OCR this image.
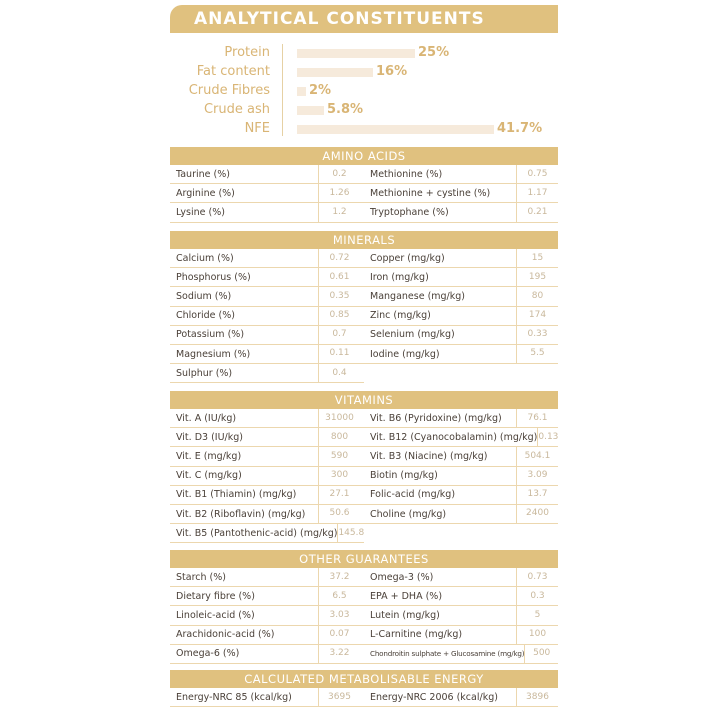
ANALYTICAL CONSTITUENTS
Protein	25%
Fat content	16%
Crude Fibres	2%
Crude ash	5.8%
NFE	41.7%
AMINO ACIDS
Taurine (%)	0.2	Methionine (%)	0.75
Arginine (%)	1.26	Methionine + cystine (%)	1.17
Lysine (%)	1.2	Tryptophane (%)	0.21
MINERALS
Calcium (%)	0.72	Copper (mg/kg)	15
Phosphorus (%)	0.61	Iron (mg/kg)	195
Sodium (%)	0.35	Manganese (mg/kg)	80
Chloride (%)	0.85	Zinc (mg/kg)	174
Potassium (%)	0.7	Selenium (mg/kg)	0.33
Magnesium (%)	0.11	Iodine (mg/kg)	5.5
Sulphur (%)	0.4
VITAMINS
Vit. A (IU/kg)	31000	Vit. B6 (Pyridoxine) (mg/kg)	76.1
Vit. D3 (IU/kg)	800	Vit. B12 (Cyanocobalamin) (mg/kg) 0.13
Vit. E (mg/kg)	590	Vit. B3 (Niacine) (mg/kg)	504.1
Vit. C (mg/kg)	300	Biotin (mg/kg)	3.09
Vit. B1 (Thiamin) (mg/kg)	27.1	Folic-acid (mg/kg)	13.7
Vit. B2 (Riboflavin) (mg/kg)	50.6	Choline (mg/kg)	2400
Vit. B5 (Pantothenic-acid) (mg/kg) 145.8
OTHER GUARANTEES
Starch (%)	37.2	Omega-3 (%)	0.73
Dietary fibre (%)	6.5	EPA + DHA (%)	0.3
Linoleic-acid (%)	3.03	Lutein (mg/kg)	5
Arachidonic-acid (%)	0.07	L-Carnitine (mg/kg)	100
Omega-6 (%)	3.22	Chondroitin sulphate + Glucosamine (mg/kg) 500
CALCULATED METABOLISABLE ENERGY
Energy-NRC 85 (kcal/kg)	3695	Energy-NRC 2006 (kcal/kg)	3896
